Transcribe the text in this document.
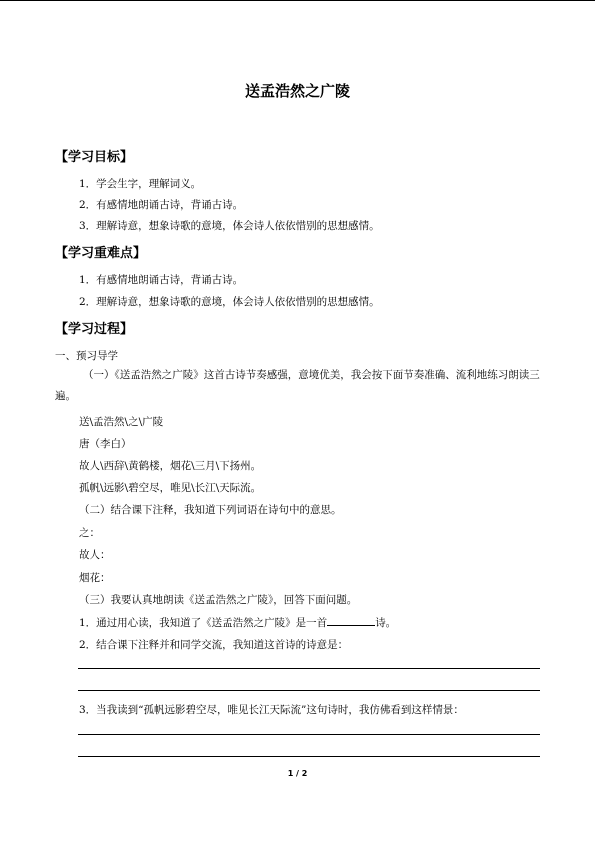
送孟浩然之广陵
【学习目标】
1．学会生字，理解词义。
2．有感情地朗诵古诗，背诵古诗。
3．理解诗意，想象诗歌的意境，体会诗人依依惜别的思想感情。
【学习重难点】
1．有感情地朗诵古诗，背诵古诗。
2．理解诗意，想象诗歌的意境，体会诗人依依惜别的思想感情。
【学习过程】
一、预习导学
（一）《送孟浩然之广陵》这首古诗节奏感强，意境优美，我会按下面节奏准确、流利地练习朗读三遍。
送\孟浩然\之\广陵
唐（李白）
故人\西辞\黄鹤楼，烟花\三月\下扬州。
孤帆\远影\碧空尽，唯见\长江\天际流。
（二）结合课下注释，我知道下列词语在诗句中的意思。
之：
故人：
烟花：
（三）我要认真地朗读《送孟浩然之广陵》，回答下面问题。
1．通过用心读，我知道了《送孟浩然之广陵》是一首	诗。
2．结合课下注释并和同学交流，我知道这首诗的诗意是：
3．当我读到“孤帆远影碧空尽，唯见长江天际流”这句诗时，我仿佛看到这样情景：
1 / 2
